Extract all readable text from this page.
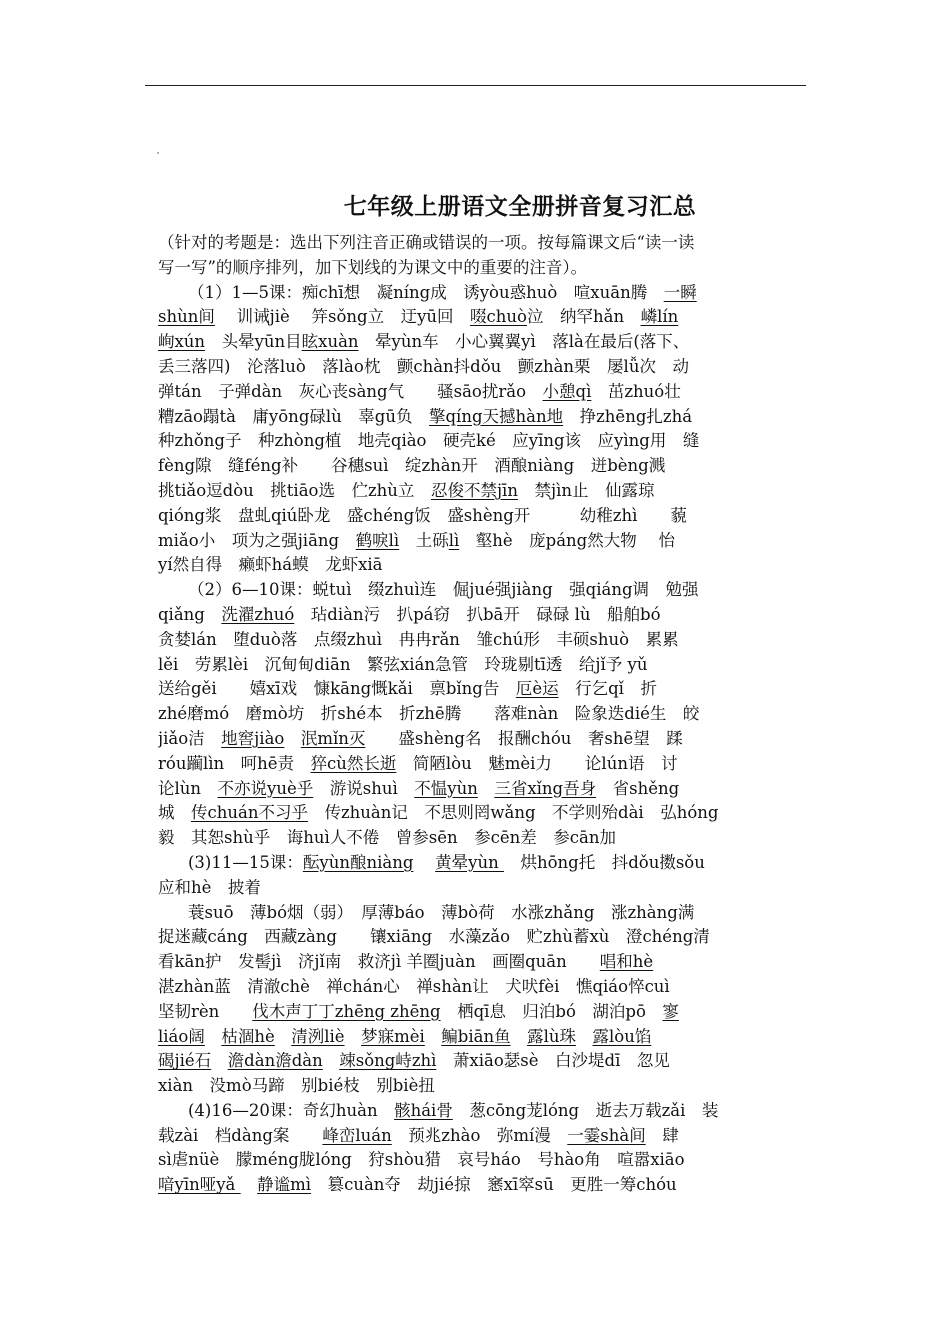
七年级上册语文全册拼音复习汇总
（针对的考题是：选出下列注音正确或错误的一项。按每篇课文后“读一读
写一写”的顺序排列，加下划线的为课文中的重要的注音）。
（1）1—5课：痴chī想　凝níng成　诱yòu惑huò　喧xuān腾　一瞬
shùn间　 训诫jiè　 笄sǒng立　迂yū回　啜chuò泣　纳罕hǎn　嶙lín
峋xún　头晕yūn目眩xuàn　晕yùn车　小心翼翼yì　落là在最后(落下、
丢三落四)　沦落luò　落lào枕　颤chàn抖dǒu　颤zhàn栗　屡lǚ次　动
弹tán　子弹dàn　灰心丧sàng气　　骚sāo扰rǎo　小憩qì　茁zhuó壮
糟zāo蹋tà　庸yōng碌lù　辜gū负　擎qíng天撼hàn地　挣zhēng扎zhá
种zhǒng子　种zhòng植　地壳qiào　硬壳ké　应yīng该　应yìng用　缝
fèng隙　缝féng补　　谷穗suì　绽zhàn开　酒酿niàng　迸bèng溅
挑tiǎo逗dòu　挑tiāo选　伫zhù立　忍俊不禁jīn　禁jìn止　仙露琼
qióng浆　盘虬qiú卧龙　盛chéng饭　盛shèng开　　　幼稚zhì　　藐
miǎo小　项为之强jiāng　鹤唳lì　土砾lì　壑hè　庞páng然大物　 怡
yí然自得　癞虾há蟆　龙虾xiā
（2）6—10课：蜕tuì　缀zhuì连　倔jué强jiàng　强qiáng调　勉强
qiǎng　洗濯zhuó　玷diàn污　扒pá窃　扒bā开　碌碌 lù　船舶bó
贪婪lán　堕duò落　点缀zhuì　冉冉rǎn　雏chú形　丰硕shuò　累累
lěi　劳累lèi　沉甸甸diān　繁弦xián急管　玲珑剔tī透　给jǐ予 yǔ
送给gěi　　嬉xī戏　慷kāng慨kǎi　禀bǐng告　厄è运　行乞qǐ　折
zhé磨mó　磨mò坊　折shé本　折zhē腾　　落难nàn　险象迭dié生　皎
jiǎo洁　地窖jiào　 泯mǐn灭　　盛shèng名　报酬chóu　奢shē望　蹂
róu躏lìn　呵hē责　猝cù然长逝　简陋lòu　魅mèi力　　论lún语　讨
论lùn　不亦说yuè乎　游说shuì　不愠yùn　 三省xǐng吾身　省shěng
城　传chuán不习乎　传zhuàn记　不思则罔wǎng　不学则殆dài　弘hóng
毅　其恕shù乎　诲huì人不倦　曾参sēn　参cēn差　参cān加
(3)11—15课：酝yùn酿niàng　 黄晕yùn 　烘hōng托　抖dǒu擞sǒu
应和hè　披着
蓑suō　薄bó烟（弱）　厚薄báo　薄bò荷　水涨zhǎng　涨zhàng满
捉迷藏cáng　西藏zàng　　镶xiāng　水藻zǎo　贮zhù蓄xù　澄chéng清
看kān护　发髻jì　济jǐ南　救济jì 羊圈juàn　画圈quān　　唱和hè
湛zhàn蓝　清澈chè　禅chán心　禅shàn让　犬吠fèi　憔qiáo悴cuì
坚韧rèn　　伐木声丁丁zhēng zhēng　栖qī息　归泊bó　湖泊pō　寥
liáo阔　 枯涸hè　 清洌liè　 梦寐mèi　 鳊biān鱼　 露lù珠　 露lòu馅
碣jié石　 澹dàn澹dàn　 竦sǒng峙zhì　萧xiāo瑟sè　白沙堤dī　忽见
xiàn　没mò马蹄　别bié枝　别biè扭
(4)16—20课：奇幻huàn　骸hái骨　葱cōng茏lóng　逝去万载zǎi　装
载zài　档dàng案　　峰峦luán　预兆zhào　弥mí漫　一霎shà间　肆
sì虐nüè　朦méng胧lóng　狩shòu猎　哀号háo　号hào角　喧嚣xiāo
喑yīn哑yǎ 　静谧mì　篡cuàn夺　劫jié掠　窸xī窣sū　更胜一筹chóu
